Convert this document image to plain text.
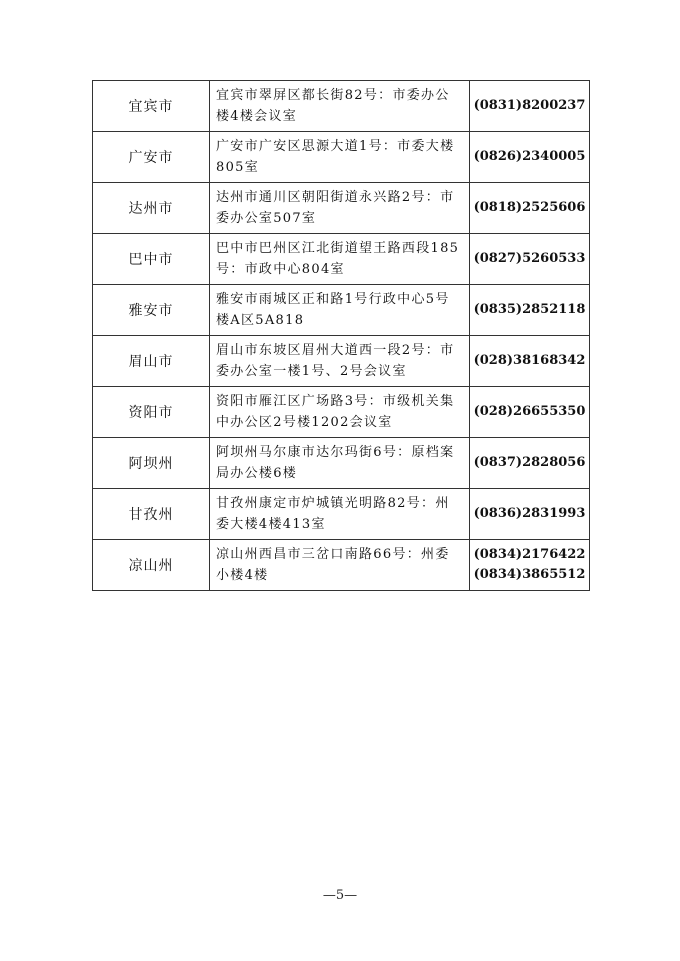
宜宾市	宜宾市翠屏区都长街82号：市委办公楼4楼会议室	(0831)8200237

广安市	广安市广安区思源大道1号：市委大楼805室	(0826)2340005

达州市	达州市通川区朝阳街道永兴路2号：市委办公室507室	(0818)2525606

巴中市	巴中市巴州区江北街道望王路西段185号：市政中心804室	(0827)5260533

雅安市	雅安市雨城区正和路1号行政中心5号楼A区5A818	(0835)2852118

眉山市	眉山市东坡区眉州大道西一段2号：市委办公室一楼1号、2号会议室	(028)38168342

资阳市	资阳市雁江区广场路3号：市级机关集中办公区2号楼1202会议室	(028)26655350

阿坝州	阿坝州马尔康市达尔玛街6号：原档案局办公楼6楼	(0837)2828056

甘孜州	甘孜州康定市炉城镇光明路82号：州委大楼4楼413室	(0836)2831993

凉山州	凉山州西昌市三岔口南路66号：州委小楼4楼	(0834)2176422
(0834)3865512
—5—
